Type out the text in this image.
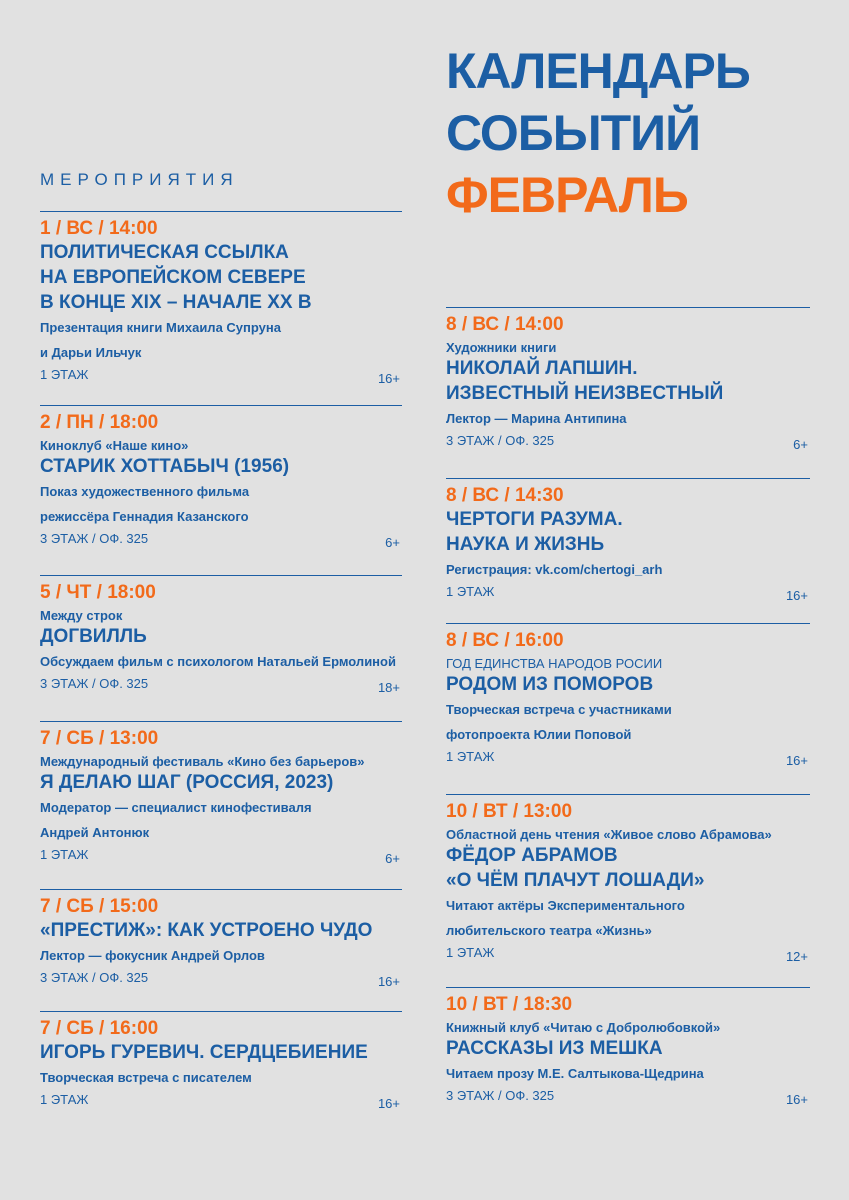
КАЛЕНДАРЬ
СОБЫТИЙ
ФЕВРАЛЬ
МЕРОПРИЯТИЯ
1 / ВС / 14:00
ПОЛИТИЧЕСКАЯ ССЫЛКА
НА ЕВРОПЕЙСКОМ СЕВЕРЕ
В КОНЦЕ XIX – НАЧАЛЕ XX В
Презентация книги Михаила Супруна
и Дарьи Ильчук
1 ЭТАЖ	16+
2 / ПН / 18:00
Киноклуб «Наше кино»
СТАРИК ХОТТАБЫЧ (1956)
Показ художественного фильма
режиссёра Геннадия Казанского
3 ЭТАЖ / ОФ. 325	6+
5 / ЧТ / 18:00
Между строк
ДОГВИЛЛЬ
Обсуждаем фильм с психологом Натальей Ермолиной
3 ЭТАЖ / ОФ. 325	18+
7 / СБ / 13:00
Международный фестиваль «Кино без барьеров»
Я ДЕЛАЮ ШАГ (РОССИЯ, 2023)
Модератор — специалист кинофестиваля
Андрей Антонюк
1 ЭТАЖ	6+
7 / СБ / 15:00
«ПРЕСТИЖ»: КАК УСТРОЕНО ЧУДО
Лектор — фокусник Андрей Орлов
3 ЭТАЖ / ОФ. 325	16+
7 / СБ / 16:00
ИГОРЬ ГУРЕВИЧ. СЕРДЦЕБИЕНИЕ
Творческая встреча с писателем
1 ЭТАЖ	16+
8 / ВС / 14:00
Художники книги
НИКОЛАЙ ЛАПШИН.
ИЗВЕСТНЫЙ НЕИЗВЕСТНЫЙ
Лектор — Марина Антипина
3 ЭТАЖ / ОФ. 325	6+
8 / ВС / 14:30
ЧЕРТОГИ РАЗУМА.
НАУКА И ЖИЗНЬ
Регистрация: vk.com/chertogi_arh
1 ЭТАЖ	16+
8 / ВС / 16:00
ГОД ЕДИНСТВА НАРОДОВ РОСИИ
РОДОМ ИЗ ПОМОРОВ
Творческая встреча с участниками
фотопроекта Юлии Поповой
1 ЭТАЖ	16+
10 / ВТ / 13:00
Областной день чтения «Живое слово Абрамова»
ФЁДОР АБРАМОВ
«О ЧЁМ ПЛАЧУТ ЛОШАДИ»
Читают актёры Экспериментального
любительского театра «Жизнь»
1 ЭТАЖ	12+
10 / ВТ / 18:30
Книжный клуб «Читаю с Добролюбовкой»
РАССКАЗЫ ИЗ МЕШКА
Читаем прозу М.Е. Салтыкова-Щедрина
3 ЭТАЖ / ОФ. 325	16+
